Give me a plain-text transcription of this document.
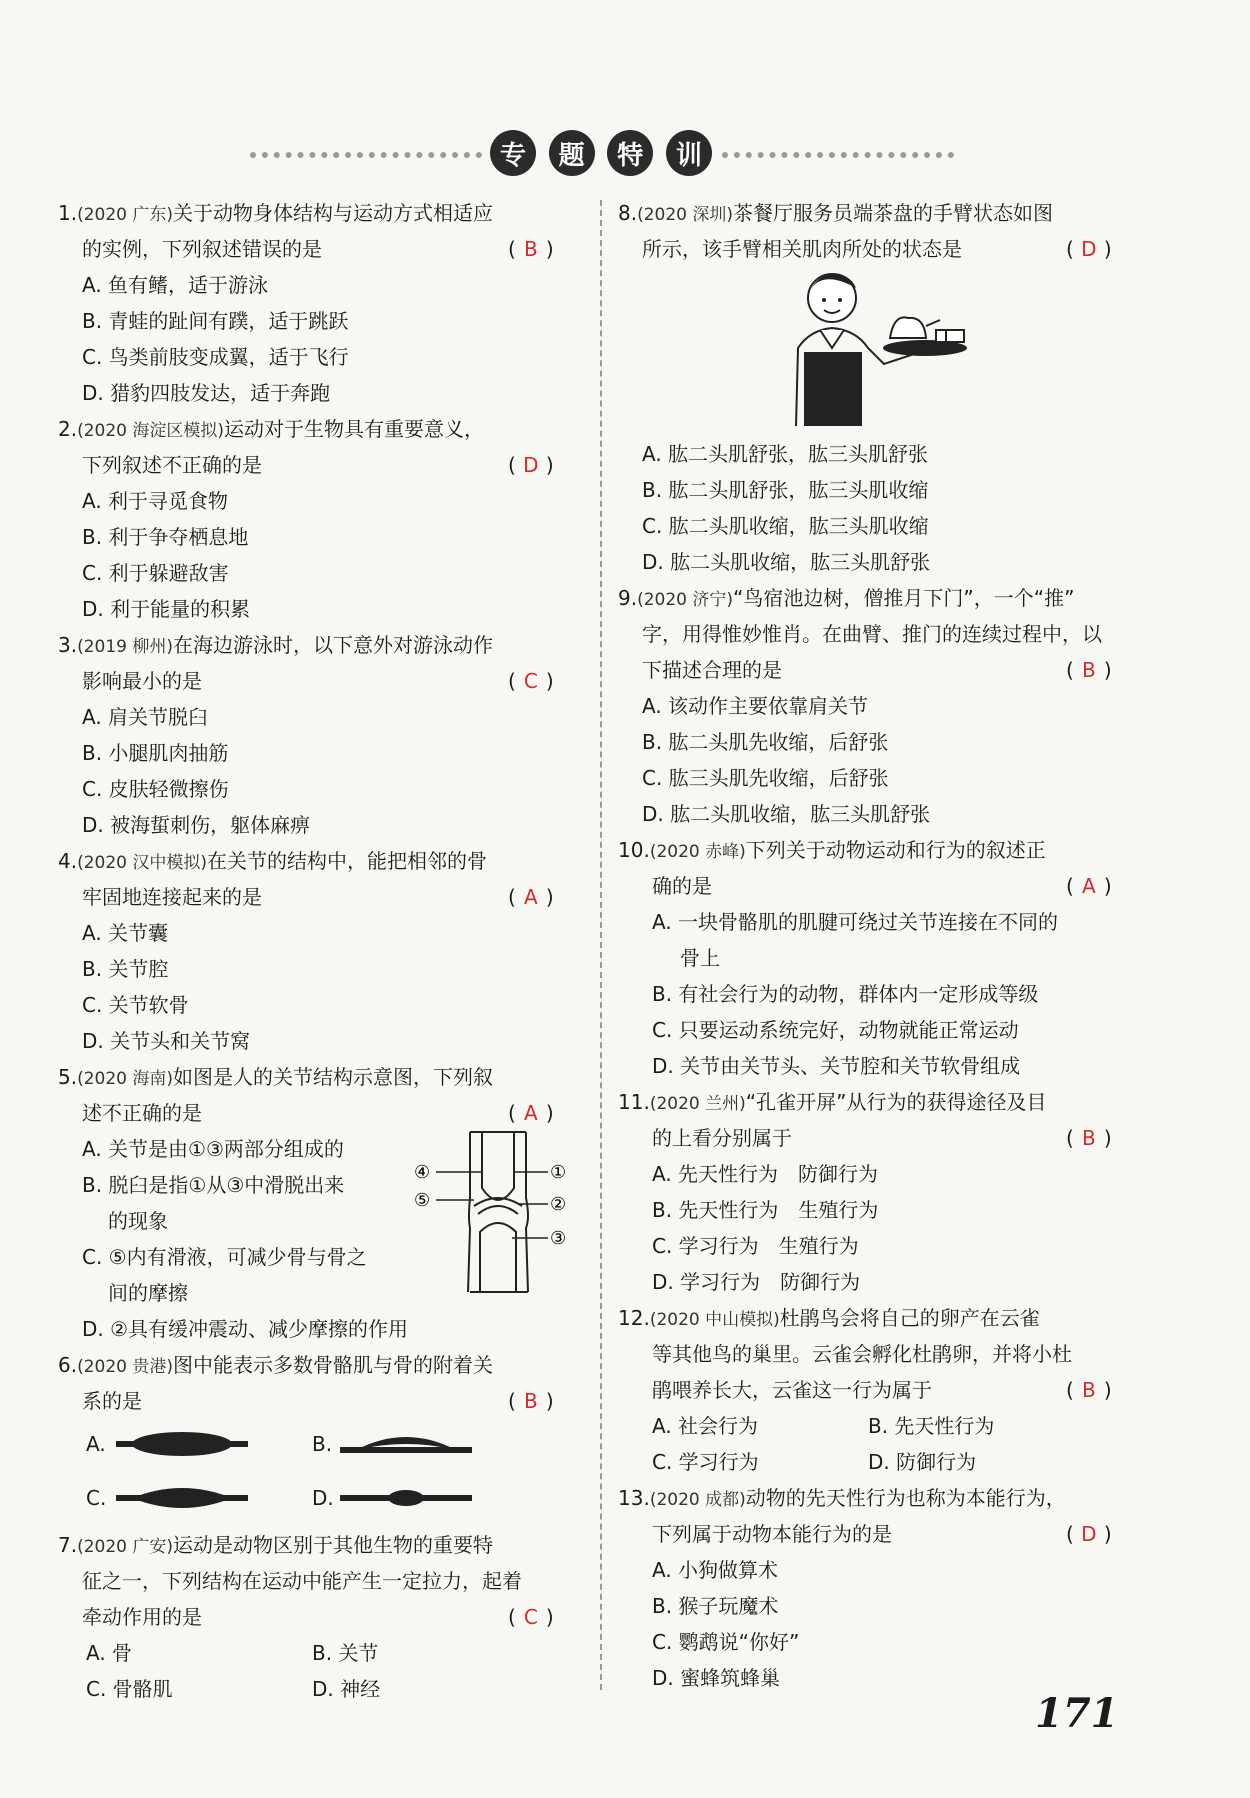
专	题	特	训
1.(2020 广东)关于动物身体结构与运动方式相适应
的实例，下列叙述错误的是	( B )
A. 鱼有鳍，适于游泳
B. 青蛙的趾间有蹼，适于跳跃
C. 鸟类前肢变成翼，适于飞行
D. 猎豹四肢发达，适于奔跑
2.(2020 海淀区模拟)运动对于生物具有重要意义，
下列叙述不正确的是	( D )
A. 利于寻觅食物
B. 利于争夺栖息地
C. 利于躲避敌害
D. 利于能量的积累
3.(2019 柳州)在海边游泳时，以下意外对游泳动作
影响最小的是	( C )
A. 肩关节脱臼
B. 小腿肌肉抽筋
C. 皮肤轻微擦伤
D. 被海蜇刺伤，躯体麻痹
4.(2020 汉中模拟)在关节的结构中，能把相邻的骨
牢固地连接起来的是	( A )
A. 关节囊
B. 关节腔
C. 关节软骨
D. 关节头和关节窝
5.(2020 海南)如图是人的关节结构示意图，下列叙
述不正确的是	( A )
A. 关节是由①③两部分组成的
B. 脱臼是指①从③中滑脱出来
的现象
C. ⑤内有滑液，可减少骨与骨之
间的摩擦
D. ②具有缓冲震动、减少摩擦的作用
④
⑤
①
②
③
6.(2020 贵港)图中能表示多数骨骼肌与骨的附着关
系的是	( B )
A.	B.
C.	D.
7.(2020 广安)运动是动物区别于其他生物的重要特
征之一，下列结构在运动中能产生一定拉力，起着
牵动作用的是	( C )
A. 骨	B. 关节
C. 骨骼肌	D. 神经
8.(2020 深圳)茶餐厅服务员端茶盘的手臂状态如图
所示，该手臂相关肌肉所处的状态是	( D )
A. 肱二头肌舒张，肱三头肌舒张
B. 肱二头肌舒张，肱三头肌收缩
C. 肱二头肌收缩，肱三头肌收缩
D. 肱二头肌收缩，肱三头肌舒张
9.(2020 济宁)“鸟宿池边树，僧推月下门”，一个“推”
字，用得惟妙惟肖。在曲臂、推门的连续过程中，以
下描述合理的是	( B )
A. 该动作主要依靠肩关节
B. 肱二头肌先收缩，后舒张
C. 肱三头肌先收缩，后舒张
D. 肱二头肌收缩，肱三头肌舒张
10.(2020 赤峰)下列关于动物运动和行为的叙述正
确的是	( A )
A. 一块骨骼肌的肌腱可绕过关节连接在不同的
骨上
B. 有社会行为的动物，群体内一定形成等级
C. 只要运动系统完好，动物就能正常运动
D. 关节由关节头、关节腔和关节软骨组成
11.(2020 兰州)“孔雀开屏”从行为的获得途径及目
的上看分别属于	( B )
A. 先天性行为　防御行为
B. 先天性行为　生殖行为
C. 学习行为　生殖行为
D. 学习行为　防御行为
12.(2020 中山模拟)杜鹃鸟会将自己的卵产在云雀
等其他鸟的巢里。云雀会孵化杜鹃卵，并将小杜
鹃喂养长大，云雀这一行为属于	( B )
A. 社会行为	B. 先天性行为
C. 学习行为	D. 防御行为
13.(2020 成都)动物的先天性行为也称为本能行为，
下列属于动物本能行为的是	( D )
A. 小狗做算术
B. 猴子玩魔术
C. 鹦鹉说“你好”
D. 蜜蜂筑蜂巢
171
